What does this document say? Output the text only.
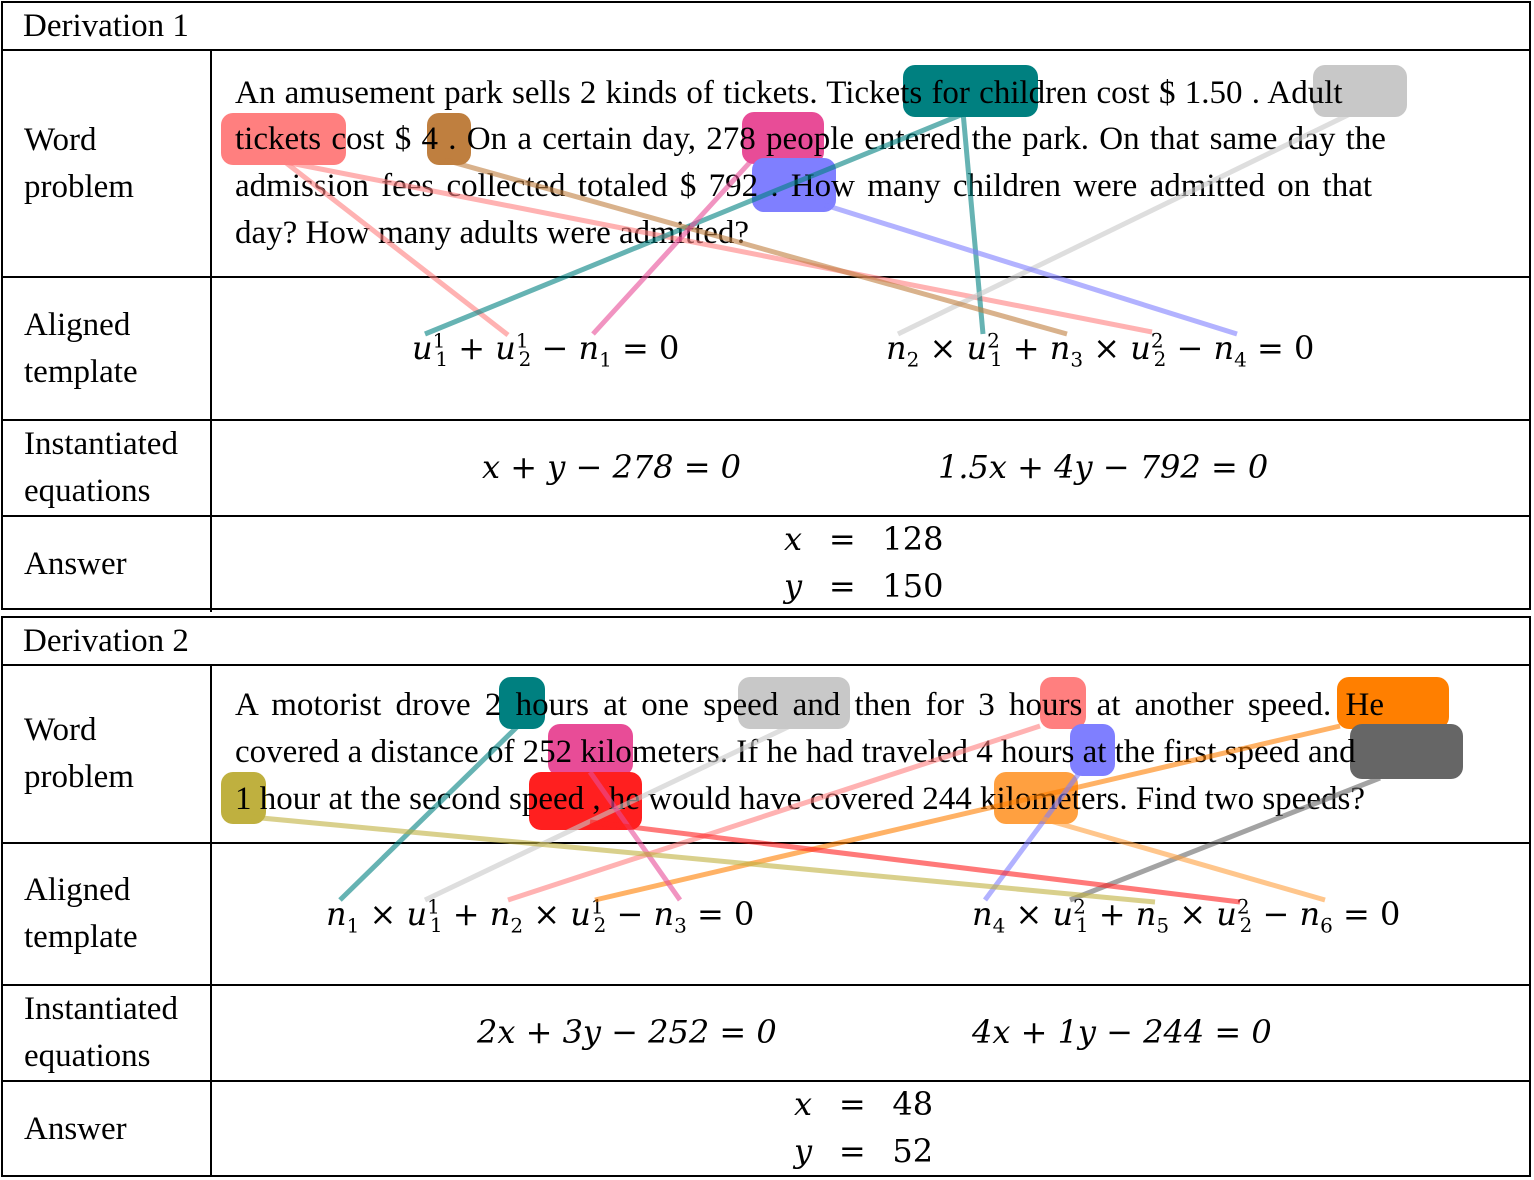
Derivation 1
Word
problem
An amusement park sells 2 kinds of tickets. Tickets for children cost $ 1.50 . Adult
tickets cost $ 4 . On a certain day, 278 people entered the park. On that same day the
admission fees collected totaled $ 792 . How many children were admitted on that
day? How many adults were admitted?
Aligned
template
$u^1_1 + u^1_2 - n_1 = 0$	$n_2 \times u^2_1 + n_3 \times u^2_2 - n_4 = 0$
Instantiated
equations
x + y − 278 = 0	1.5x + 4y − 792 = 0
Answer
x = 128
y = 150
Derivation 2
Word
problem
A motorist drove 2 hours at one speed and then for 3 hours at another speed. He
covered a distance of 252 kilometers. If he had traveled 4 hours at the first speed and
1 hour at the second speed , he would have covered 244 kilometers. Find two speeds?
Aligned
template
$n_1 \times u^1_1 + n_2 \times u^1_2 - n_3 = 0$	$n_4 \times u^2_1 + n_5 \times u^2_2 - n_6 = 0$
Instantiated
equations
2x + 3y − 252 = 0	4x + 1y − 244 = 0
Answer
x = 48
y = 52
